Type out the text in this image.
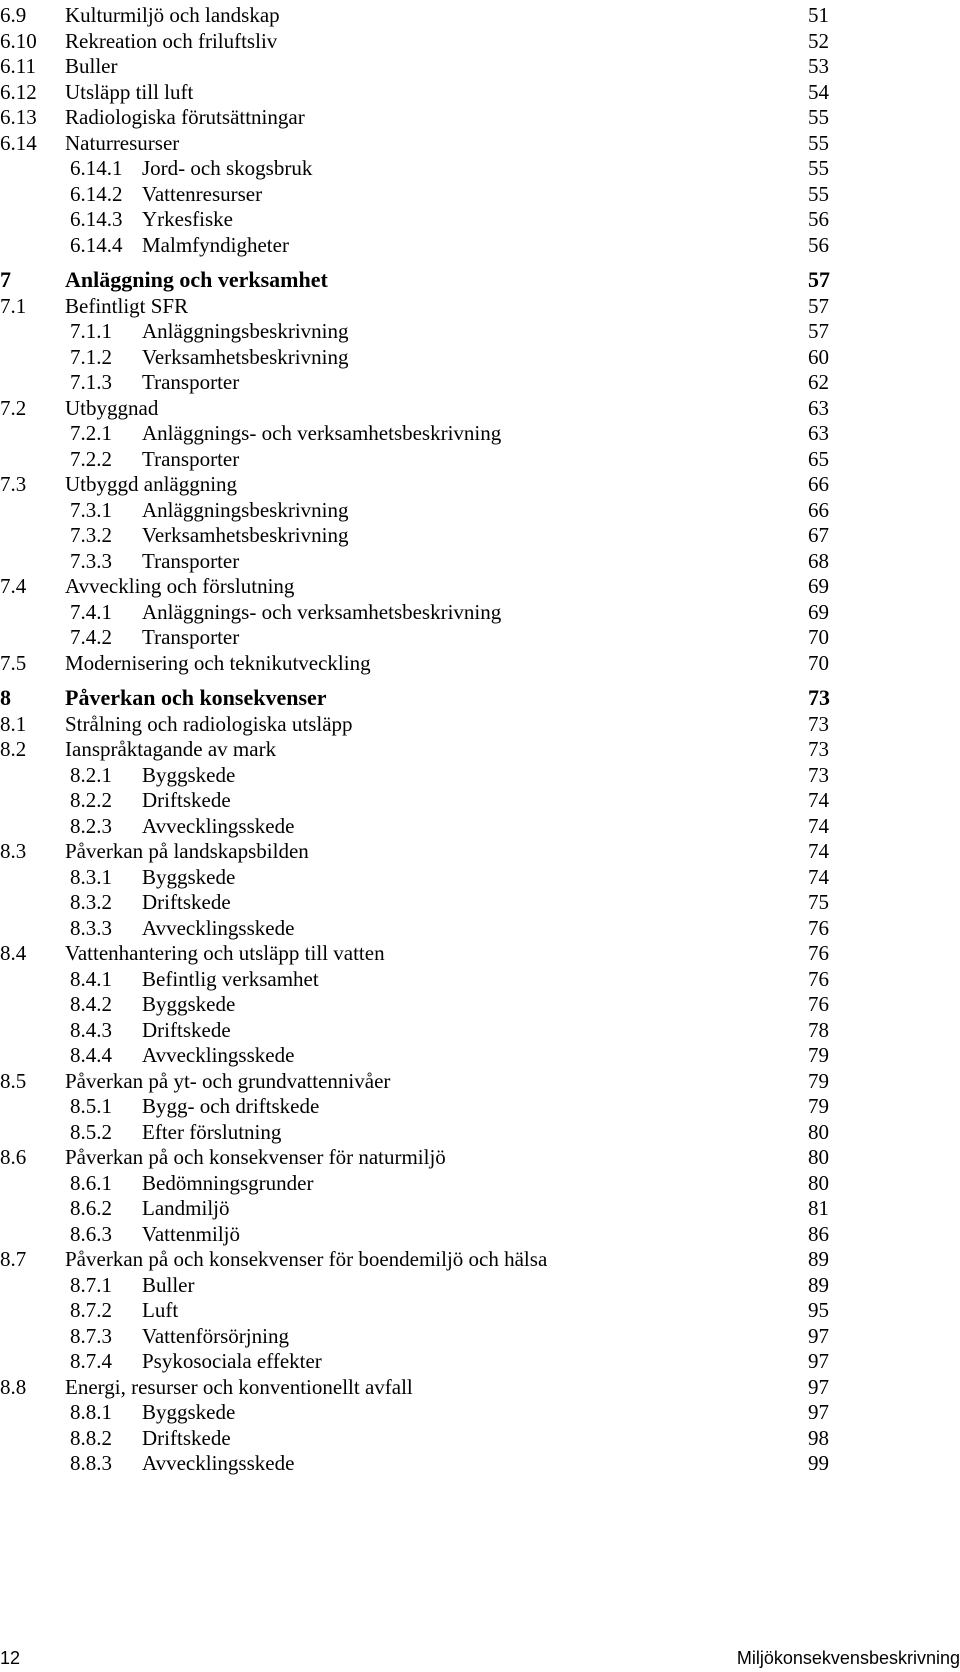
6.9 Kulturmiljö och landskap	51
6.10 Rekreation och friluftsliv	52
6.11 Buller	53
6.12 Utsläpp till luft	54
6.13 Radiologiska förutsättningar	55
6.14 Naturresurser	55
6.14.1 Jord- och skogsbruk	55
6.14.2 Vattenresurser	55
6.14.3 Yrkesfiske	56
6.14.4 Malmfyndigheter	56
7 Anläggning och verksamhet	57
7.1 Befintligt SFR	57
7.1.1 Anläggningsbeskrivning	57
7.1.2 Verksamhetsbeskrivning	60
7.1.3 Transporter	62
7.2 Utbyggnad	63
7.2.1 Anläggnings- och verksamhetsbeskrivning	63
7.2.2 Transporter	65
7.3 Utbyggd anläggning	66
7.3.1 Anläggningsbeskrivning	66
7.3.2 Verksamhetsbeskrivning	67
7.3.3 Transporter	68
7.4 Avveckling och förslutning	69
7.4.1 Anläggnings- och verksamhetsbeskrivning	69
7.4.2 Transporter	70
7.5 Modernisering och teknikutveckling	70
8 Påverkan och konsekvenser	73
8.1 Strålning och radiologiska utsläpp	73
8.2 Ianspråktagande av mark	73
8.2.1 Byggskede	73
8.2.2 Driftskede	74
8.2.3 Avvecklingsskede	74
8.3 Påverkan på landskapsbilden	74
8.3.1 Byggskede	74
8.3.2 Driftskede	75
8.3.3 Avvecklingsskede	76
8.4 Vattenhantering och utsläpp till vatten	76
8.4.1 Befintlig verksamhet	76
8.4.2 Byggskede	76
8.4.3 Driftskede	78
8.4.4 Avvecklingsskede	79
8.5 Påverkan på yt- och grundvattennivåer	79
8.5.1 Bygg- och driftskede	79
8.5.2 Efter förslutning	80
8.6 Påverkan på och konsekvenser för naturmiljö	80
8.6.1 Bedömningsgrunder	80
8.6.2 Landmiljö	81
8.6.3 Vattenmiljö	86
8.7 Påverkan på och konsekvenser för boendemiljö och hälsa	89
8.7.1 Buller	89
8.7.2 Luft	95
8.7.3 Vattenförsörjning	97
8.7.4 Psykosociala effekter	97
8.8 Energi, resurser och konventionellt avfall	97
8.8.1 Byggskede	97
8.8.2 Driftskede	98
8.8.3 Avvecklingsskede	99
12	Miljökonsekvensbeskrivning
